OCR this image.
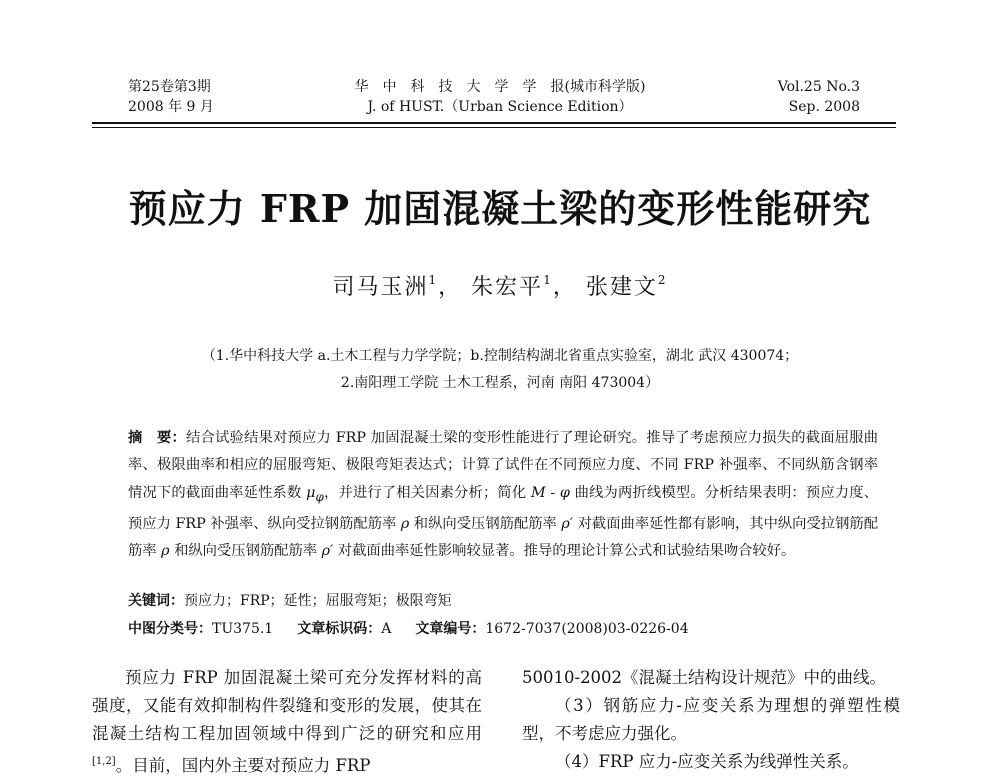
第25卷第3期
2008 年 9 月
华　中　科　技　大　学　学　报(城市科学版)
J. of HUST.（Urban Science Edition）
Vol.25 No.3
Sep. 2008
预应力 FRP 加固混凝土梁的变形性能研究
司马玉洲$^1$， 朱宏平$^1$， 张建文$^2$
（1.华中科技大学 a.土木工程与力学学院；b.控制结构湖北省重点实验室，湖北 武汉 430074；
2.南阳理工学院 土木工程系，河南 南阳 473004）
摘　要：结合试验结果对预应力 FRP 加固混凝土梁的变形性能进行了理论研究。推导了考虑预应力损失的截面屈服曲率、极限曲率和相应的屈服弯矩、极限弯矩表达式；计算了试件在不同预应力度、不同 FRP 补强率、不同纵筋含钢率情况下的截面曲率延性系数 $\mu_\varphi$，并进行了相关因素分析；简化 M - φ 曲线为两折线模型。分析结果表明：预应力度、预应力 FRP 补强率、纵向受拉钢筋配筋率 ρ 和纵向受压钢筋配筋率 ρ′ 对截面曲率延性都有影响，其中纵向受拉钢筋配筋率 ρ 和纵向受压钢筋配筋率 ρ′ 对截面曲率延性影响较显著。推导的理论计算公式和试验结果吻合较好。
关键词：预应力；FRP；延性；屈服弯矩；极限弯矩
中图分类号：TU375.1 文章标识码：A 文章编号：1672-7037(2008)03-0226-04
预应力 FRP 加固混凝土梁可充分发挥材料的高强度，又能有效抑制构件裂缝和变形的发展，使其在混凝土结构工程加固领域中得到广泛的研究和应用[1,2]。目前，国内外主要对预应力 FRP

50010-2002《混凝土结构设计规范》中的曲线。

（3）钢筋应力-应变关系为理想的弹塑性模型，不考虑应力强化。

（4）FRP 应力-应变关系为线弹性关系。
